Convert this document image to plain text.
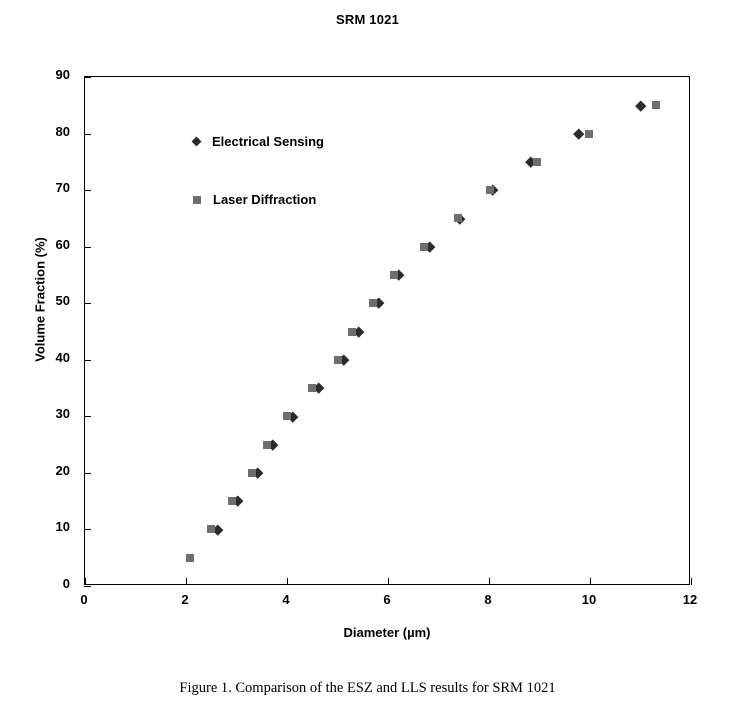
SRM 1021
Electrical Sensing
Laser Diffraction
Diameter (µm)
Volume Fraction (%)
Figure 1. Comparison of the ESZ and LLS results for SRM 1021
0	2	4	6	8	10	12
0
10
20
30
40
50
60
70
80
90
